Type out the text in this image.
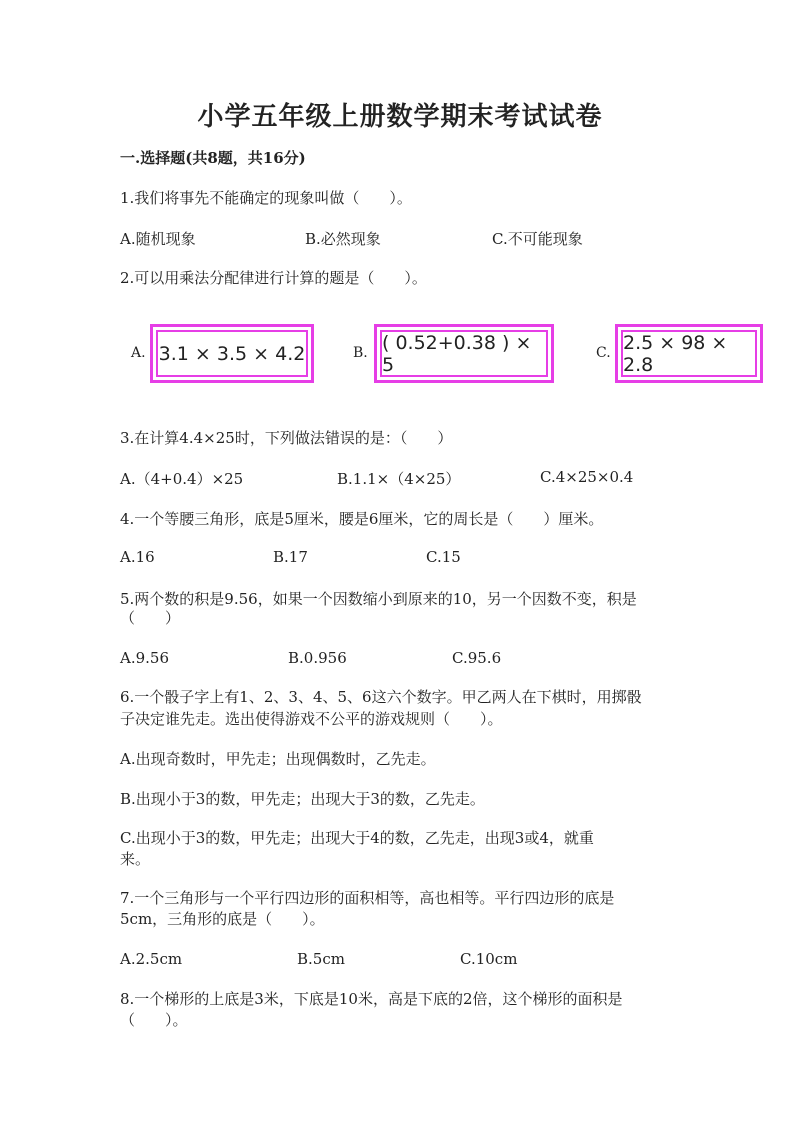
小学五年级上册数学期末考试试卷
一.选择题(共8题，共16分)
1.我们将事先不能确定的现象叫做（　　）。
A.随机现象	B.必然现象	C.不可能现象
2.可以用乘法分配律进行计算的题是（　　）。
A. 3.1 × 3.5 × 4.2	B. ( 0.52+0.38 ) × 5
C. 2.5 × 98 × 2.8
3.在计算4.4×25时，下列做法错误的是：（　　）
A.（4+0.4）×25	B.1.1×（4×25）	C.4×25×0.4
4.一个等腰三角形，底是5厘米，腰是6厘米，它的周长是（　　）厘米。
A.16	B.17	C.15
5.两个数的积是9.56，如果一个因数缩小到原来的10，另一个因数不变，积是
（　　）
A.9.56	B.0.956	C.95.6
6.一个骰子字上有1、2、3、4、5、6这六个数字。甲乙两人在下棋时，用掷骰
子决定谁先走。选出使得游戏不公平的游戏规则（　　）。
A.出现奇数时，甲先走；出现偶数时，乙先走。
B.出现小于3的数，甲先走；出现大于3的数，乙先走。
C.出现小于3的数，甲先走；出现大于4的数，乙先走，出现3或4，就重
来。
7.一个三角形与一个平行四边形的面积相等，高也相等。平行四边形的底是
5cm，三角形的底是（　　）。
A.2.5cm	B.5cm	C.10cm
8.一个梯形的上底是3米，下底是10米，高是下底的2倍，这个梯形的面积是
（　　）。
